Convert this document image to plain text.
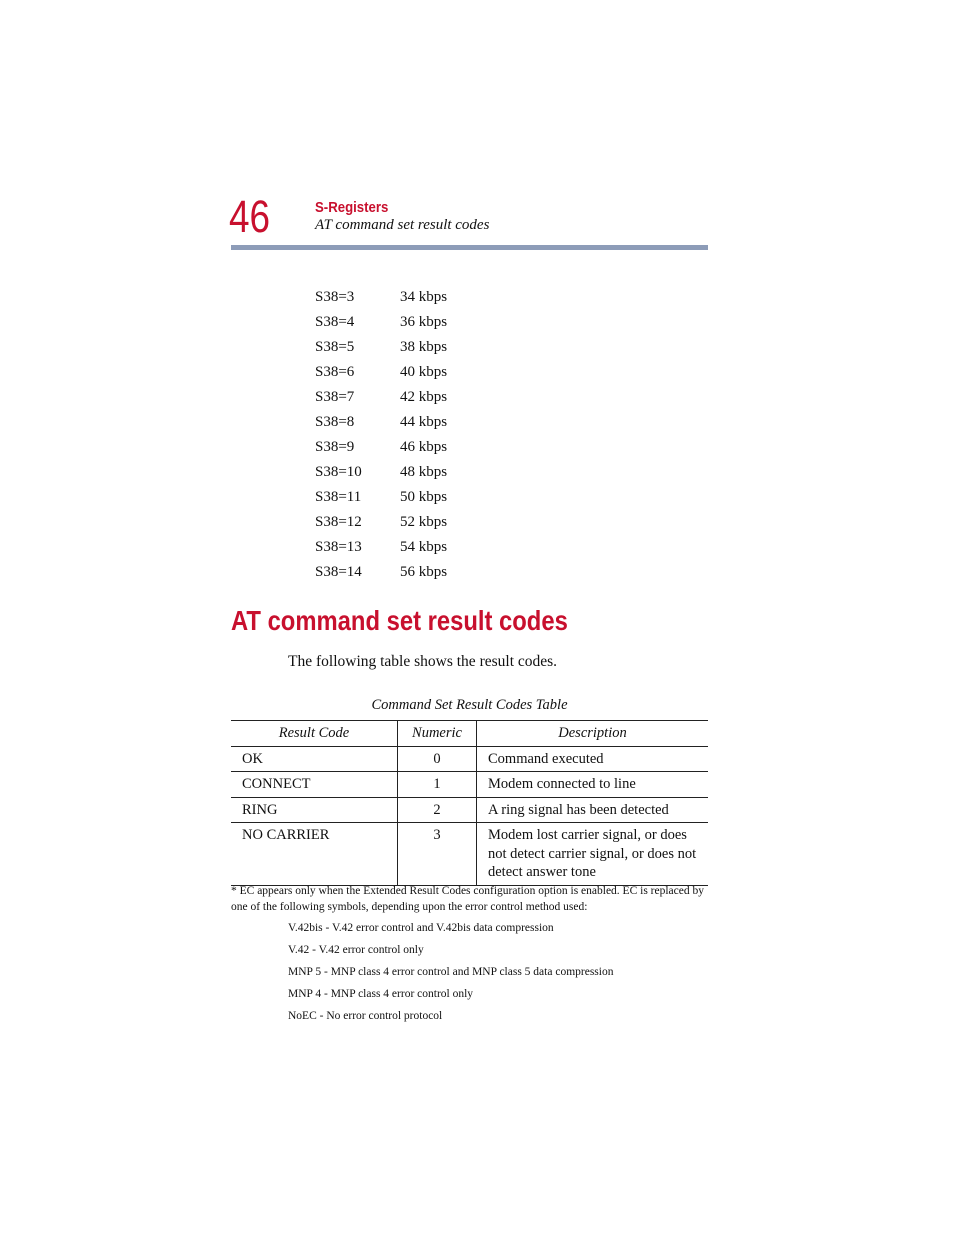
46	S-Registers
AT command set result codes
S38=3	34 kbps
S38=4	36 kbps
S38=5	38 kbps
S38=6	40 kbps
S38=7	42 kbps
S38=8	44 kbps
S38=9	46 kbps
S38=10	48 kbps
S38=11	50 kbps
S38=12	52 kbps
S38=13	54 kbps
S38=14	56 kbps
AT command set result codes

The following table shows the result codes.

Command Set Result Codes Table
Result Code	Numeric	Description
OK	0	Command executed
CONNECT	1	Modem connected to line
RING	2	A ring signal has been detected
NO CARRIER	3	Modem lost carrier signal, or does not detect carrier signal, or does not detect answer tone
* EC appears only when the Extended Result Codes configuration option is enabled. EC is replaced by one of the following symbols, depending upon the error control method used:
V.42bis - V.42 error control and V.42bis data compression
V.42 - V.42 error control only
MNP 5 - MNP class 4 error control and MNP class 5 data compression
MNP 4 - MNP class 4 error control only
NoEC - No error control protocol
